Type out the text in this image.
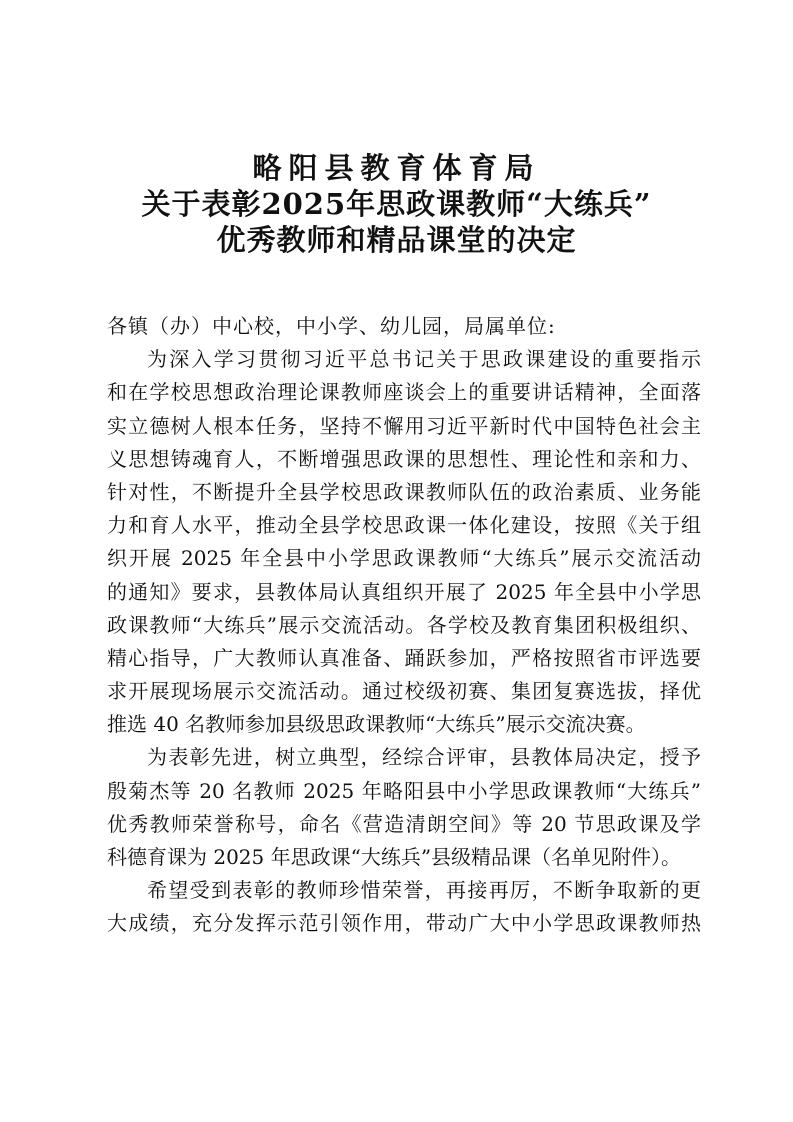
略阳县教育体育局
关于表彰2025年思政课教师“大练兵”
优秀教师和精品课堂的决定
各镇（办）中心校，中小学、幼儿园，局属单位:
为深入学习贯彻习近平总书记关于思政课建设的重要指示
和在学校思想政治理论课教师座谈会上的重要讲话精神，全面落
实立德树人根本任务，坚持不懈用习近平新时代中国特色社会主
义思想铸魂育人，不断增强思政课的思想性、理论性和亲和力、
针对性，不断提升全县学校思政课教师队伍的政治素质、业务能
力和育人水平，推动全县学校思政课一体化建设，按照《关于组
织开展 2025 年全县中小学思政课教师“大练兵”展示交流活动
的通知》要求，县教体局认真组织开展了 2025 年全县中小学思
政课教师“大练兵”展示交流活动。各学校及教育集团积极组织、
精心指导，广大教师认真准备、踊跃参加，严格按照省市评选要
求开展现场展示交流活动。通过校级初赛、集团复赛选拔，择优
推选 40 名教师参加县级思政课教师“大练兵”展示交流决赛。
为表彰先进，树立典型，经综合评审，县教体局决定，授予
殷菊杰等 20 名教师 2025 年略阳县中小学思政课教师“大练兵”
优秀教师荣誉称号，命名《营造清朗空间》等 20 节思政课及学
科德育课为 2025 年思政课“大练兵”县级精品课（名单见附件）。
希望受到表彰的教师珍惜荣誉，再接再厉，不断争取新的更
大成绩，充分发挥示范引领作用，带动广大中小学思政课教师热
